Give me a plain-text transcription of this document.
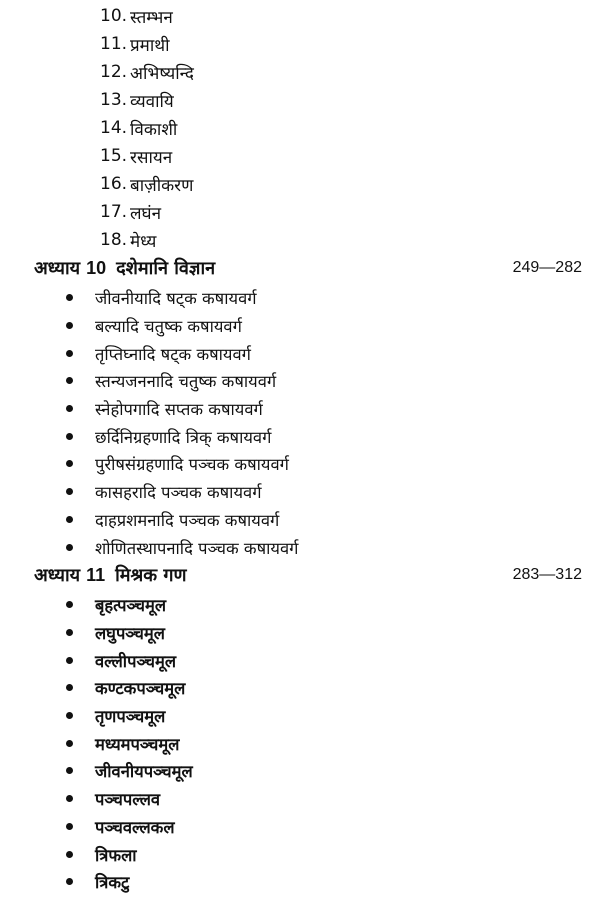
10. स्तम्भन
11. प्रमाथी
12. अभिष्यन्दि
13. व्यवायि
14. विकाशी
15. रसायन
16. बाज़ीकरण
17. लघंन
18. मेध्य
अध्याय 10 दशेमानि विज्ञान	249—282
जीवनीयादि षट्क कषायवर्ग
बल्यादि चतुष्क कषायवर्ग
तृप्तिघ्नादि षट्क कषायवर्ग
स्तन्यजननादि चतुष्क कषायवर्ग
स्नेहोपगादि सप्तक कषायवर्ग
छर्दिनिग्रहणादि त्रिक् कषायवर्ग
पुरीषसंग्रहणादि पञ्चक कषायवर्ग
कासहरादि पञ्चक कषायवर्ग
दाहप्रशमनादि पञ्चक कषायवर्ग
शोणितस्थापनादि पञ्चक कषायवर्ग
अध्याय 11 मिश्रक गण	283—312
बृहत्पञ्चमूल
लघुपञ्चमूल
वल्लीपञ्चमूल
कण्टकपञ्चमूल
तृणपञ्चमूल
मध्यमपञ्चमूल
जीवनीयपञ्चमूल
पञ्चपल्लव
पञ्चवल्लकल
त्रिफला
त्रिकटु
